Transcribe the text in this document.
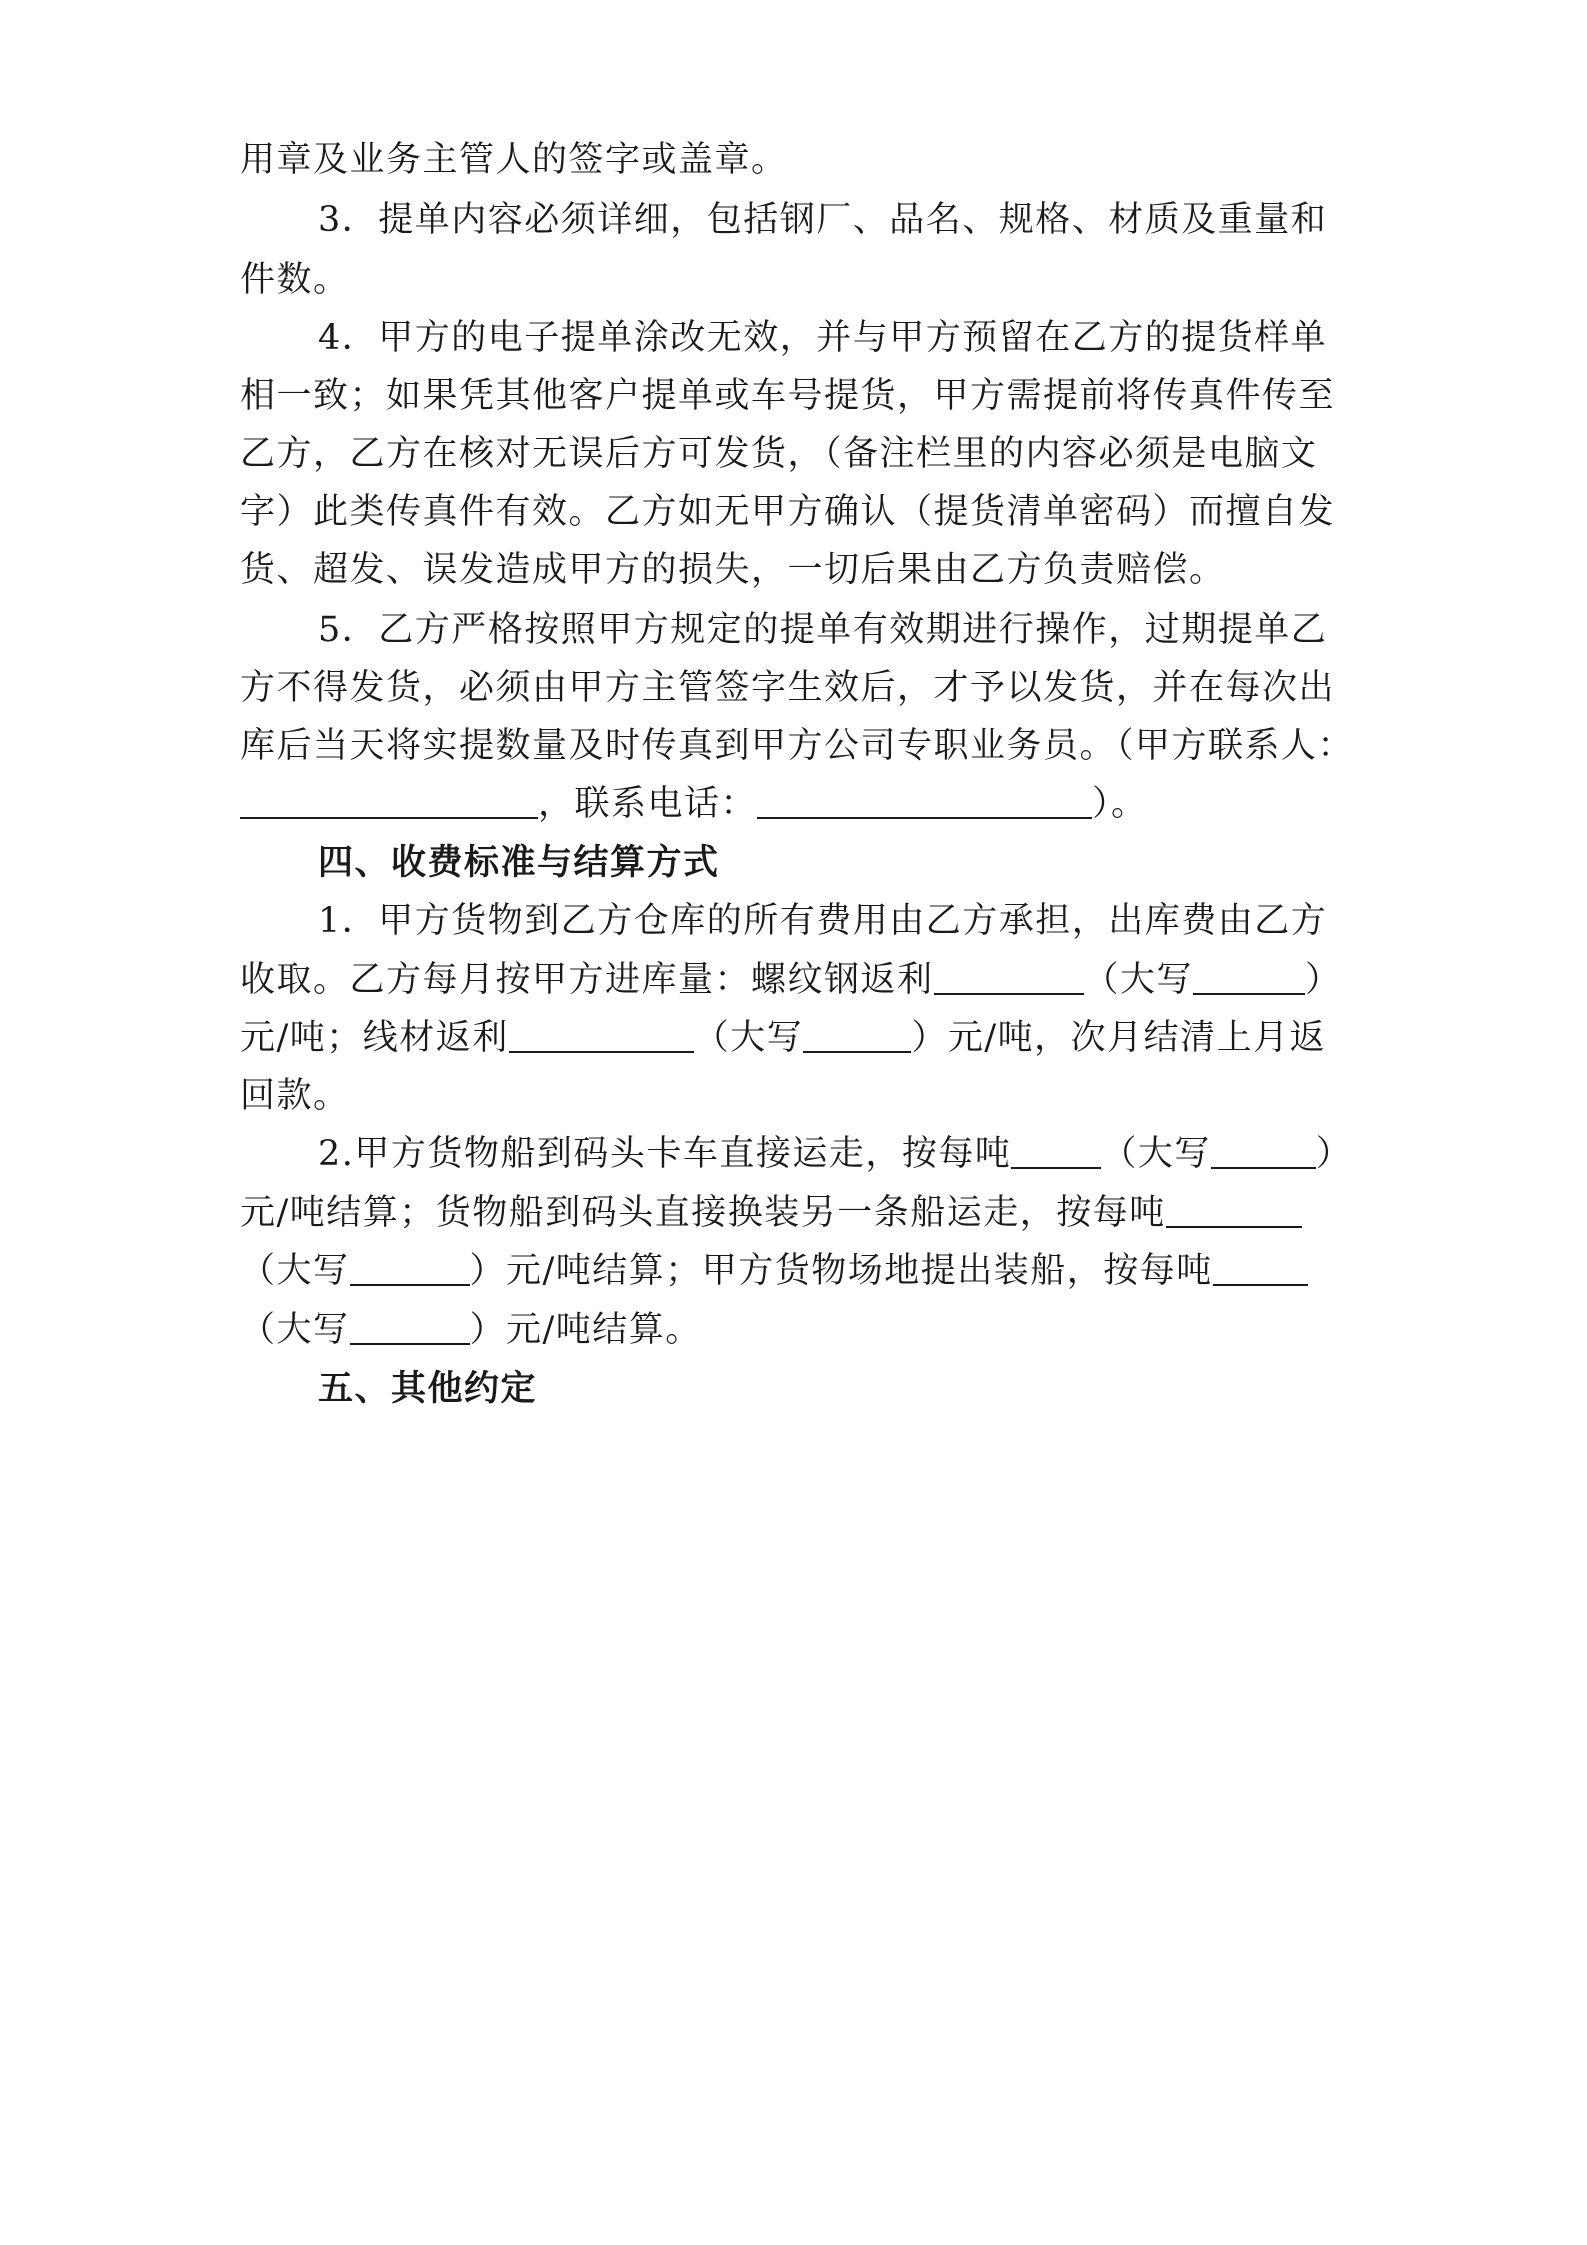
用章及业务主管人的签字或盖章。
3．提单内容必须详细，包括钢厂、品名、规格、材质及重量和
件数。
4．甲方的电子提单涂改无效，并与甲方预留在乙方的提货样单
相一致；如果凭其他客户提单或车号提货，甲方需提前将传真件传至
乙方，乙方在核对无误后方可发货，（备注栏里的内容必须是电脑文
字）此类传真件有效。乙方如无甲方确认（提货清单密码）而擅自发
货、超发、误发造成甲方的损失，一切后果由乙方负责赔偿。
5．乙方严格按照甲方规定的提单有效期进行操作，过期提单乙
方不得发货，必须由甲方主管签字生效后，才予以发货，并在每次出
库后当天将实提数量及时传真到甲方公司专职业务员。（甲方联系人：
，联系电话：	）。
四、收费标准与结算方式
1．甲方货物到乙方仓库的所有费用由乙方承担，出库费由乙方
收取。乙方每月按甲方进库量：螺纹钢返利	（大写	）
元/吨；线材返利	（大写	）元/吨，次月结清上月返
回款。
2.甲方货物船到码头卡车直接运走，按每吨	（大写	）
元/吨结算；货物船到码头直接换装另一条船运走，按每吨
（大写	）元/吨结算；甲方货物场地提出装船，按每吨
（大写	）元/吨结算。
五、其他约定
